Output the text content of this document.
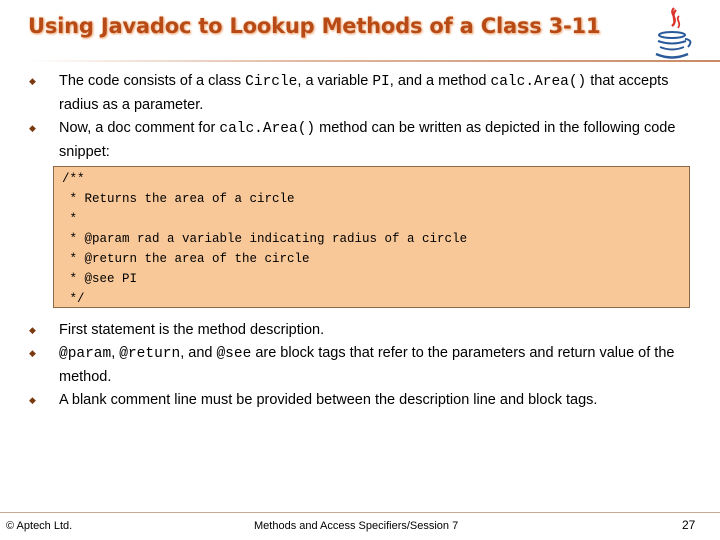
Using Javadoc to Lookup Methods of a Class 3-11
◆ The code consists of a class Circle, a variable PI, and a method calc.Area() that accepts radius as a parameter.
◆ Now, a doc comment for calc.Area() method can be written as depicted in the following code snippet:
/**
* Returns the area of a circle
*
* @param rad a variable indicating radius of a circle
* @return the area of the circle
* @see PI
*/
◆ First statement is the method description.
◆ @param, @return, and @see are block tags that refer to the parameters and return value of the method.
◆ A blank comment line must be provided between the description line and block tags.
© Aptech Ltd.	Methods and Access Specifiers/Session 7	27
